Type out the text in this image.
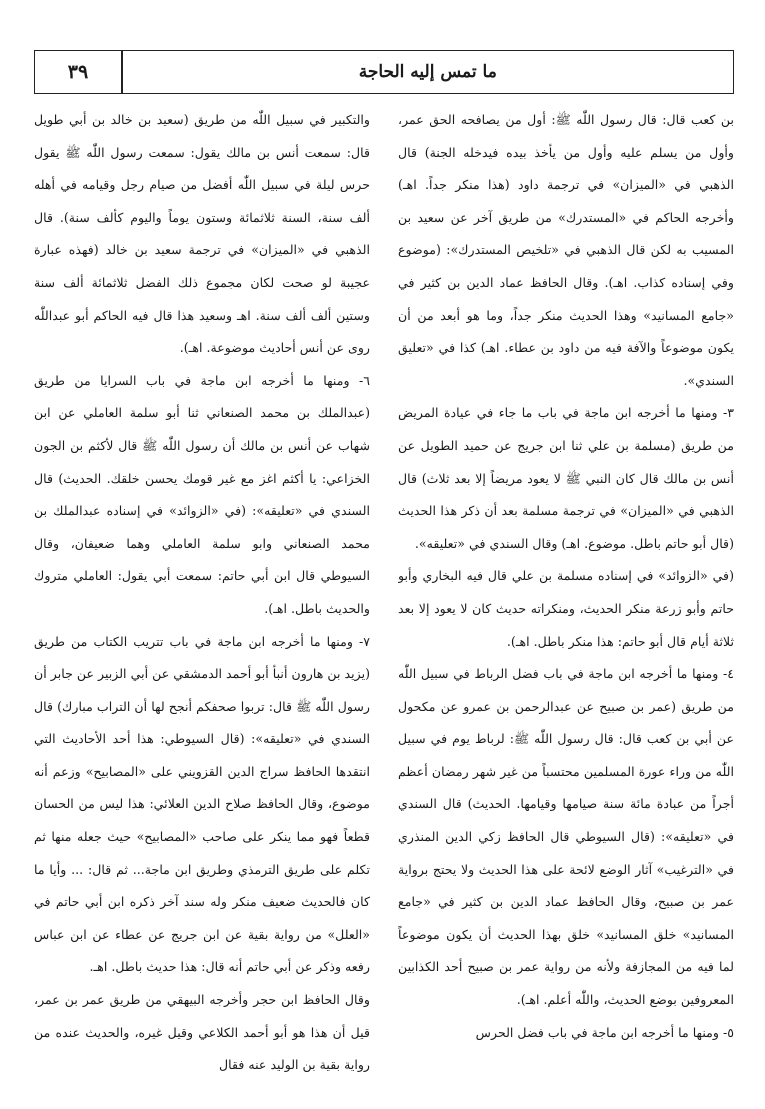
ما تمس إليه الحاجة
٣٩

بن كعب قال: قال رسول اللّٰه ﷺ: أول من يصافحه الحق عمر، وأول من يسلم عليه وأول من يأخذ بيده فيدخله الجنة) قال الذهبي في «الميزان» في ترجمة داود (هذا منكر جداً. اهـ) وأخرجه الحاكم في «المستدرك» من طريق آخر عن سعيد بن المسيب به لكن قال الذهبي في «تلخيص المستدرك»: (موضوع وفي إسناده كذاب. اهـ). وقال الحافظ عماد الدين بن كثير في «جامع المسانيد» وهذا الحديث منكر جداً، وما هو أبعد من أن يكون موضوعاً والآفة فيه من داود بن عطاء. اهـ) كذا في «تعليق السندي».

٣- ومنها ما أخرجه ابن ماجة في باب ما جاء في عيادة المريض من طريق (مسلمة بن علي ثنا ابن جريج عن حميد الطويل عن أنس بن مالك قال كان النبي ﷺ لا يعود مريضاً إلا بعد ثلاث) قال الذهبي في «الميزان» في ترجمة مسلمة بعد أن ذكر هذا الحديث (قال أبو حاتم باطل. موضوع. اهـ) وقال السندي في «تعليقه».

(في «الزوائد» في إسناده مسلمة بن علي قال فيه البخاري وأبو حاتم وأبو زرعة منكر الحديث، ومنكراته حديث كان لا يعود إلا بعد ثلاثة أيام قال أبو حاتم: هذا منكر باطل. اهـ).

٤- ومنها ما أخرجه ابن ماجة في باب فضل الرباط في سبيل اللّٰه من طريق (عمر بن صبيح عن عبدالرحمن بن عمرو عن مكحول عن أبي بن كعب قال: قال رسول اللّٰه ﷺ: لرباط يوم في سبيل اللّٰه من وراء عورة المسلمين محتسباً من غير شهر رمضان أعظم أجراً من عبادة مائة سنة صيامها وقيامها. الحديث) قال السندي في «تعليقه»: (قال السيوطي قال الحافظ زكي الدين المنذري في «الترغيب» آثار الوضع لائحة على هذا الحديث ولا يحتج برواية عمر بن صبيح، وقال الحافظ عماد الدين بن كثير في «جامع المسانيد» خلق المسانيد» خلق بهذا الحديث أن يكون موضوعاً لما فيه من المجازفة ولأنه من رواية عمر بن صبيح أحد الكذابين المعروفين بوضع الحديث، واللّٰه أعلم. اهـ).

٥- ومنها ما أخرجه ابن ماجة في باب فضل الحرس

والتكبير في سبيل اللّٰه من طريق (سعيد بن خالد بن أبي طويل قال: سمعت أنس بن مالك يقول: سمعت رسول اللّٰه ﷺ يقول حرس ليلة في سبيل اللّٰه أفضل من صيام رجل وقيامه في أهله ألف سنة، السنة ثلاثمائة وستون يوماً واليوم كألف سنة). قال الذهبي في «الميزان» في ترجمة سعيد بن خالد (فهذه عبارة عجيبة لو صحت لكان مجموع ذلك الفضل ثلاثمائة ألف سنة وستين ألف ألف سنة. اهـ وسعيد هذا قال فيه الحاكم أبو عبداللّٰه روى عن أنس أحاديث موضوعة. اهـ).

٦- ومنها ما أخرجه ابن ماجة في باب السرايا من طريق (عبدالملك بن محمد الصنعاني ثنا أبو سلمة العاملي عن ابن شهاب عن أنس بن مالك أن رسول اللّٰه ﷺ قال لأكثم بن الجون الخزاعي: يا أكثم اغز مع غير قومك يحسن خلقك. الحديث) قال السندي في «تعليقه»: (في «الزوائد» في إسناده عبدالملك بن محمد الصنعاني وابو سلمة العاملي وهما ضعيفان، وقال السيوطي قال ابن أبي حاتم: سمعت أبي يقول: العاملي متروك والحديث باطل. اهـ).

٧- ومنها ما أخرجه ابن ماجة في باب تتريب الكتاب من طريق (يزيد بن هارون أنبأ أبو أحمد الدمشقي عن أبي الزبير عن جابر أن رسول اللّٰه ﷺ قال: تربوا صحفكم أنجح لها أن التراب مبارك) قال السندي في «تعليقه»: (قال السيوطي: هذا أحد الأحاديث التي انتقدها الحافظ سراج الدين القزويني على «المصابيح» وزعم أنه موضوع، وقال الحافظ صلاح الدين العلائي: هذا ليس من الحسان قطعاً فهو مما ينكر على صاحب «المصابيح» حيث جعله منها ثم تكلم على طريق الترمذي وطريق ابن ماجة... ثم قال: ... وأيا ما كان فالحديث ضعيف منكر وله سند آخر ذكره ابن أبي حاتم في «العلل» من رواية بقية عن ابن جريج عن عطاء عن ابن عباس رفعه وذكر عن أبي حاتم أنه قال: هذا حديث باطل. اهـ.

وقال الحافظ ابن حجر وأخرجه البيهقي من طريق عمر بن عمر، قيل أن هذا هو أبو أحمد الكلاعي وقيل غيره، والحديث عنده من رواية بقية بن الوليد عنه فقال
